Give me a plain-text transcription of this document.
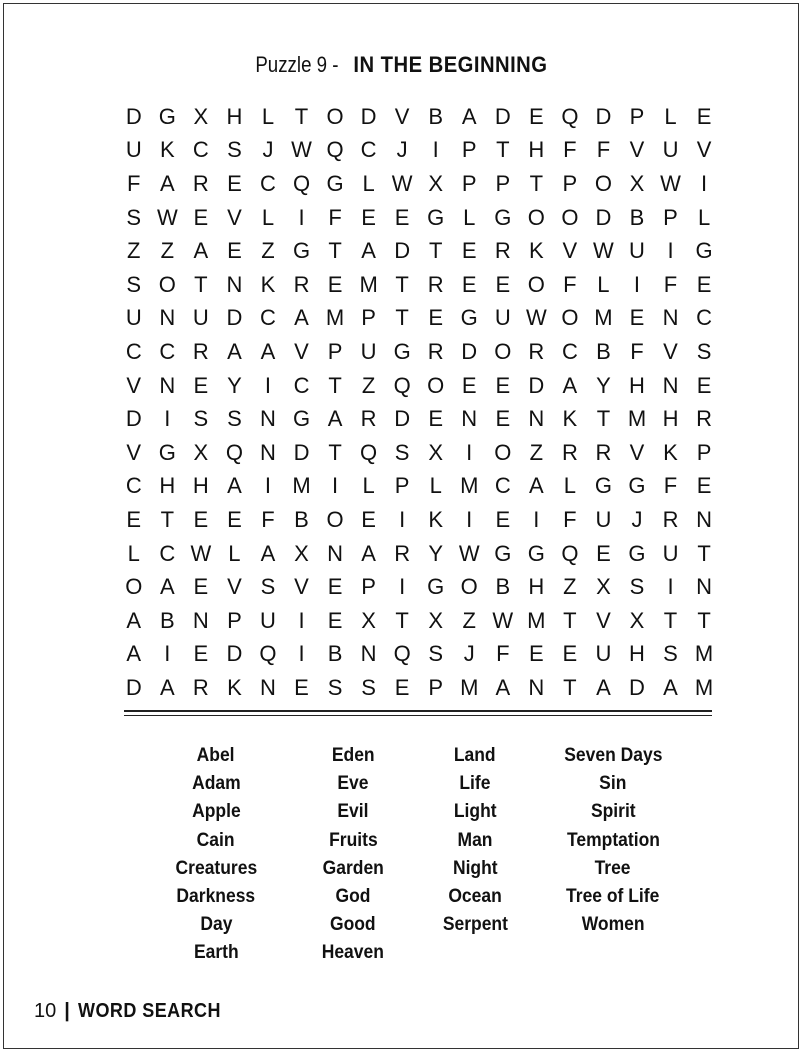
Puzzle 9 -IN THE BEGINNING
D G X H L T O D V B A D E Q D P L E
U K C S J W Q C J	I	P T H F F V U V
F A R E C Q G L W X P P T P O X W I
S W E V L	I	F E E G L G O O D B P L
Z Z A E Z G T A D T E R K V W U	I G
S O T N K R E M T R E E O F L	I	F E
U N U D C A M P T E G U W O M E N C
C C R A A V P U G R D O R C B F V S
V N E Y	I	C T Z Q O E E D A Y H N E
D	I	S S N G A R D E N E N K T M H R
V G X Q N D T Q S X	I O Z R R V K P
C H H A	I M I	L P L M C A L G G F E
E T E E F B O E	I	K	I	E	I	F U J R N
L C W L A X N A R Y W G G Q E G U T
O A E V S V E P	I G O B H Z X S	I	N
A B N P U	I	E X T X Z W M T V X T T
A	I	E D Q I	B N Q S J F E E U H S M
D A R K N E S S E P M A N T A D A M
Abel
Adam
Apple
Cain
Creatures
Darkness
Day
Earth
Eden
Eve
Evil
Fruits
Garden
God
Good
Heaven
Land
Life
Light
Man
Night
Ocean
Serpent
Seven Days
Sin
Spirit
Temptation
Tree
Tree of Life
Women
10 | WORD SEARCH
